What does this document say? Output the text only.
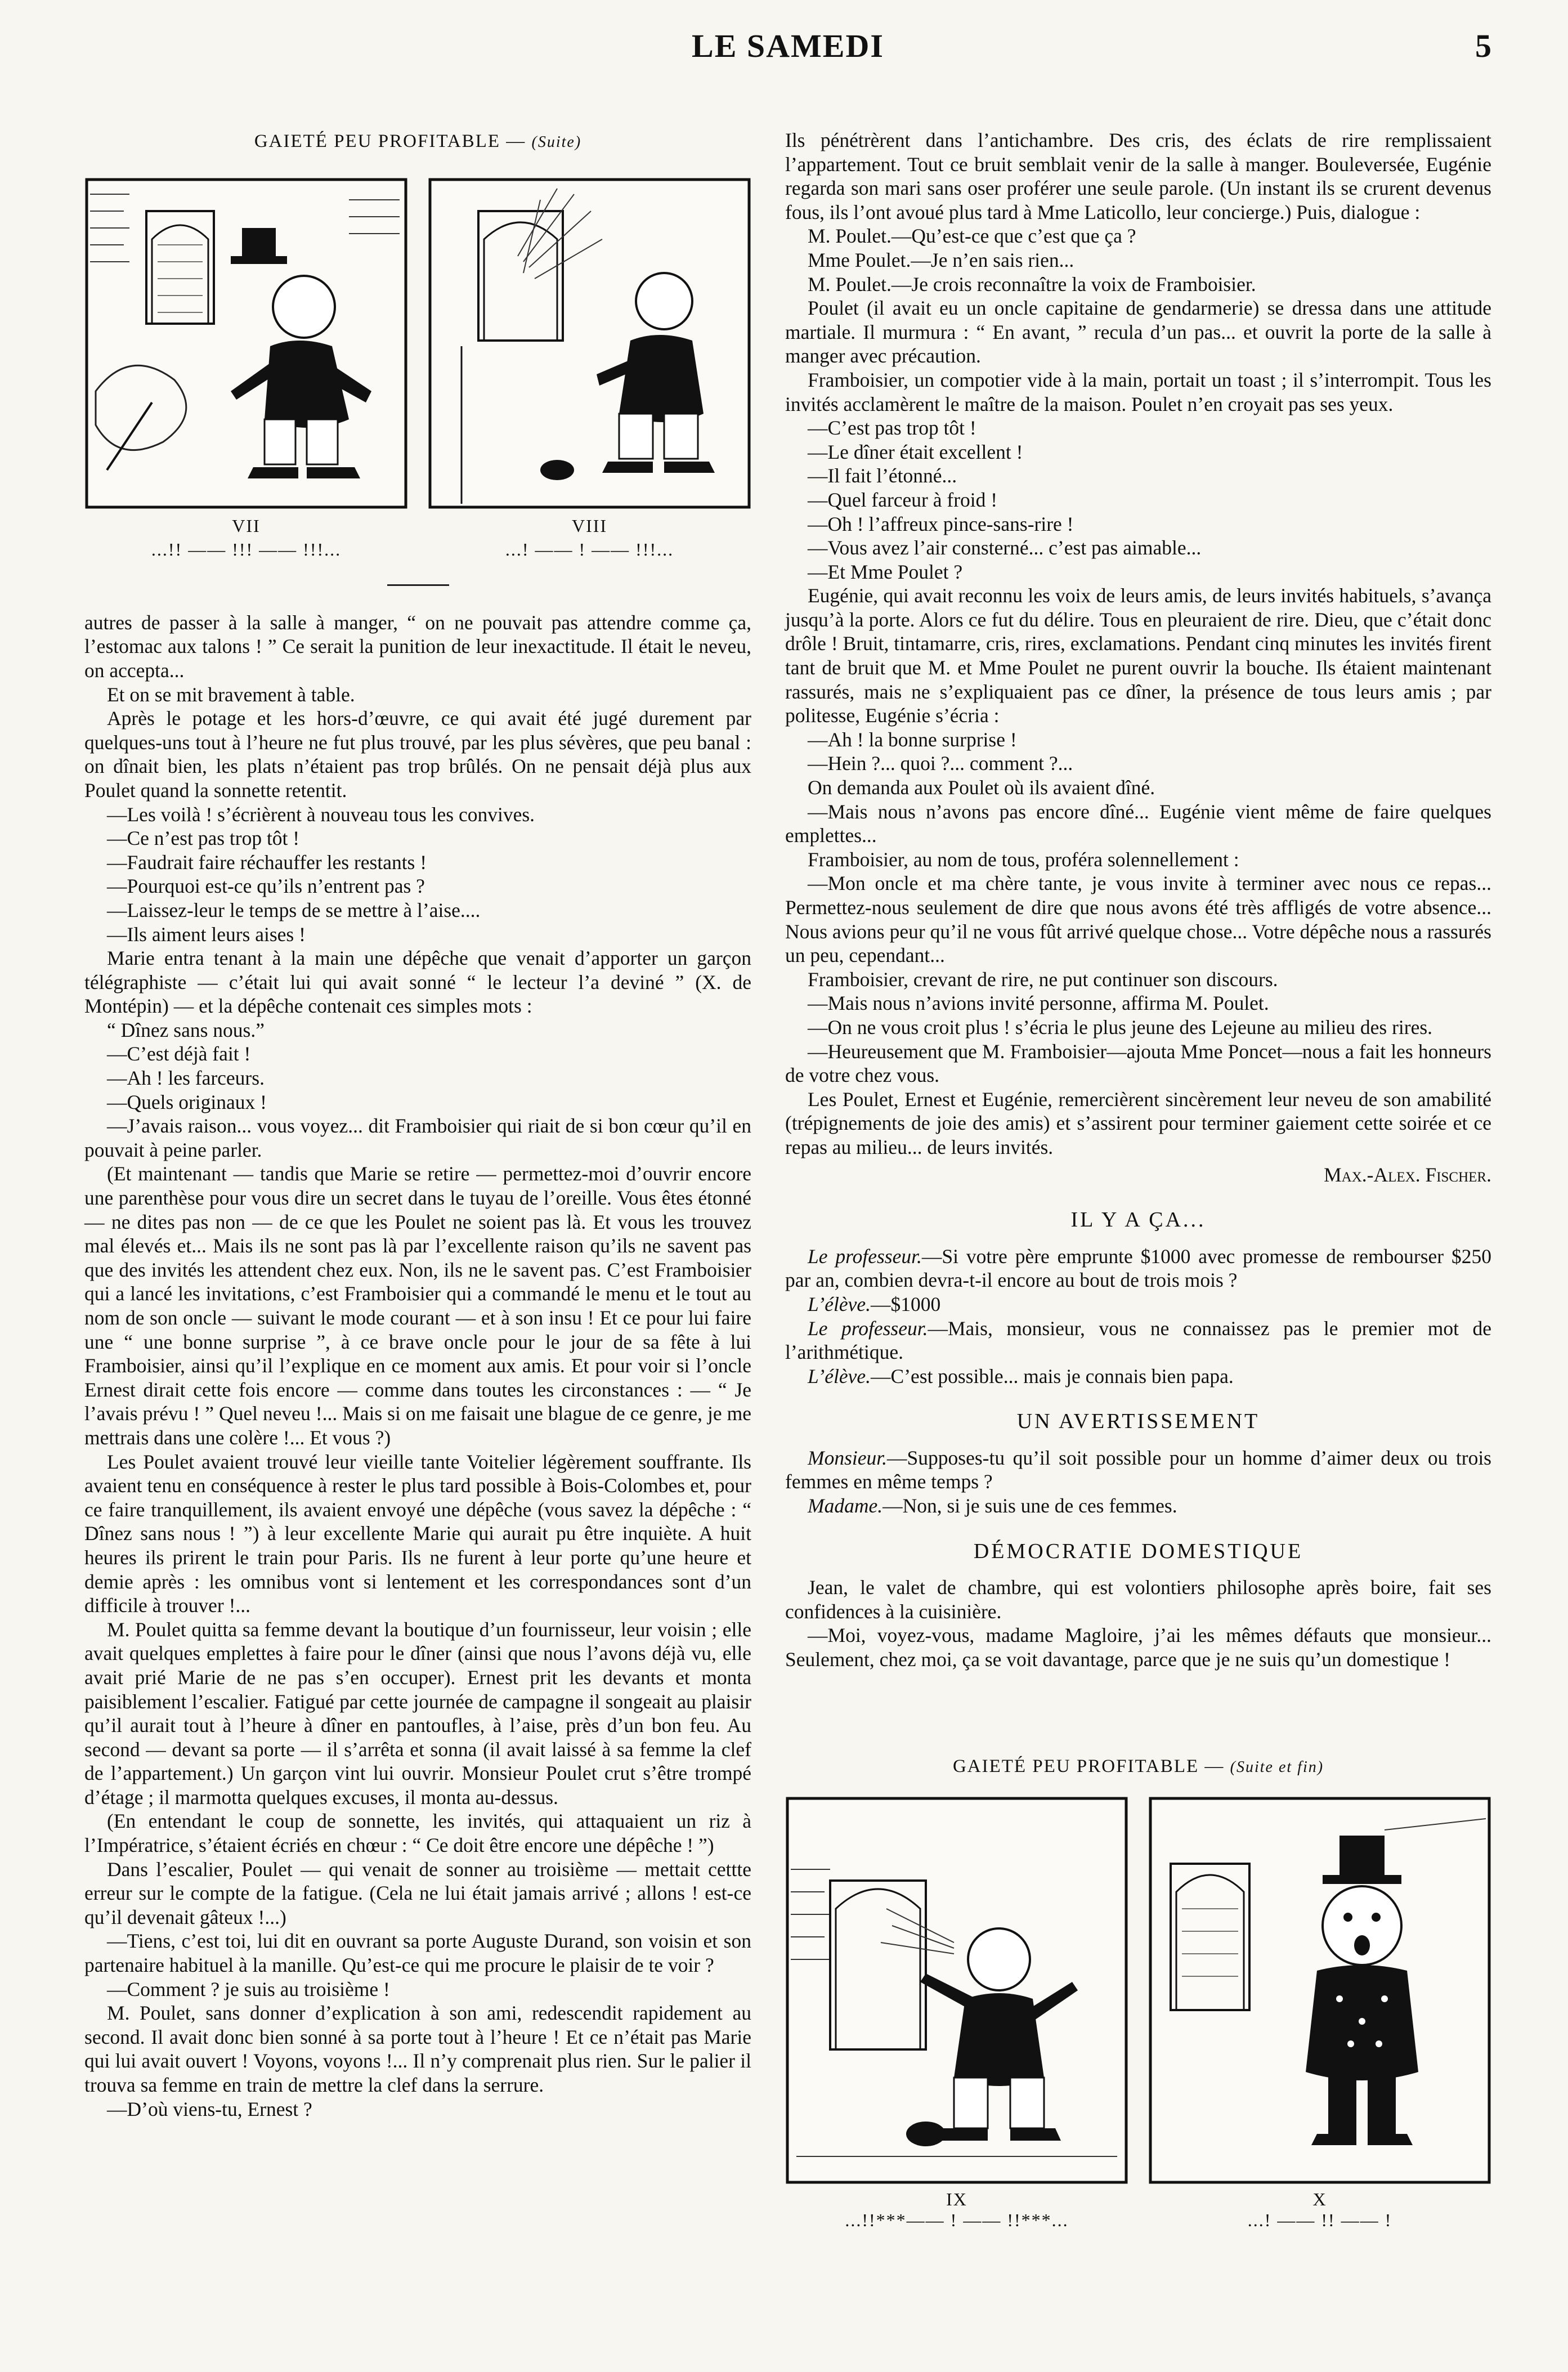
LE SAMEDI	5
GAIETÉ PEU PROFITABLE — (Suite)
VII
...!! —— !!! —— !!!...
VIII
...! —— ! —— !!!...

autres de passer à la salle à manger, “ on ne pouvait pas attendre comme ça, l’estomac aux talons ! ” Ce serait la punition de leur inexactitude. Il était le neveu, on accepta...

Et on se mit bravement à table.

Après le potage et les hors-d’œuvre, ce qui avait été jugé durement par quelques-uns tout à l’heure ne fut plus trouvé, par les plus sévères, que peu banal : on dînait bien, les plats n’étaient pas trop brûlés. On ne pensait déjà plus aux Poulet quand la sonnette retentit.

—Les voilà ! s’écrièrent à nouveau tous les convives.

—Ce n’est pas trop tôt !

—Faudrait faire réchauffer les restants !

—Pourquoi est-ce qu’ils n’entrent pas ?

—Laissez-leur le temps de se mettre à l’aise....

—Ils aiment leurs aises !

Marie entra tenant à la main une dépêche que venait d’apporter un garçon télégraphiste — c’était lui qui avait sonné “ le lecteur l’a deviné ” (X. de Montépin) — et la dépêche contenait ces simples mots :

“ Dînez sans nous.”

—C’est déjà fait !

—Ah ! les farceurs.

—Quels originaux !

—J’avais raison... vous voyez... dit Framboisier qui riait de si bon cœur qu’il en pouvait à peine parler.

(Et maintenant — tandis que Marie se retire — permettez-moi d’ouvrir encore une parenthèse pour vous dire un secret dans le tuyau de l’oreille. Vous êtes étonné — ne dites pas non — de ce que les Poulet ne soient pas là. Et vous les trouvez mal élevés et... Mais ils ne sont pas là par l’excellente raison qu’ils ne savent pas que des invités les attendent chez eux. Non, ils ne le savent pas. C’est Framboisier qui a lancé les invitations, c’est Framboisier qui a commandé le menu et le tout au nom de son oncle — suivant le mode courant — et à son insu ! Et ce pour lui faire une “ une bonne surprise ”, à ce brave oncle pour le jour de sa fête à lui Framboisier, ainsi qu’il l’explique en ce moment aux amis. Et pour voir si l’oncle Ernest dirait cette fois encore — comme dans toutes les circonstances : — “ Je l’avais prévu ! ” Quel neveu !... Mais si on me faisait une blague de ce genre, je me mettrais dans une colère !... Et vous ?)

Les Poulet avaient trouvé leur vieille tante Voitelier légèrement souffrante. Ils avaient tenu en conséquence à rester le plus tard possible à Bois-Colombes et, pour ce faire tranquillement, ils avaient envoyé une dépêche (vous savez la dépêche : “ Dînez sans nous ! ”) à leur excellente Marie qui aurait pu être inquiète. A huit heures ils prirent le train pour Paris. Ils ne furent à leur porte qu’une heure et demie après : les omnibus vont si lentement et les correspondances sont d’un difficile à trouver !...

M. Poulet quitta sa femme devant la boutique d’un fournisseur, leur voisin ; elle avait quelques emplettes à faire pour le dîner (ainsi que nous l’avons déjà vu, elle avait prié Marie de ne pas s’en occuper). Ernest prit les devants et monta paisiblement l’escalier. Fatigué par cette journée de campagne il songeait au plaisir qu’il aurait tout à l’heure à dîner en pantoufles, à l’aise, près d’un bon feu. Au second — devant sa porte — il s’arrêta et sonna (il avait laissé à sa femme la clef de l’appartement.) Un garçon vint lui ouvrir. Monsieur Poulet crut s’être trompé d’étage ; il marmotta quelques excuses, il monta au-dessus.

(En entendant le coup de sonnette, les invités, qui attaquaient un riz à l’Impératrice, s’étaient écriés en chœur : “ Ce doit être encore une dépêche ! ”)

Dans l’escalier, Poulet — qui venait de sonner au troisième — mettait cettte erreur sur le compte de la fatigue. (Cela ne lui était jamais arrivé ; allons ! est-ce qu’il devenait gâteux !...)

—Tiens, c’est toi, lui dit en ouvrant sa porte Auguste Durand, son voisin et son partenaire habituel à la manille. Qu’est-ce qui me procure le plaisir de te voir ?

—Comment ? je suis au troisième !

M. Poulet, sans donner d’explication à son ami, redescendit rapidement au second. Il avait donc bien sonné à sa porte tout à l’heure ! Et ce n’était pas Marie qui lui avait ouvert ! Voyons, voyons !... Il n’y comprenait plus rien. Sur le palier il trouva sa femme en train de mettre la clef dans la serrure.

—D’où viens-tu, Ernest ?

Ils pénétrèrent dans l’antichambre. Des cris, des éclats de rire remplissaient l’appartement. Tout ce bruit semblait venir de la salle à manger. Bouleversée, Eugénie regarda son mari sans oser proférer une seule parole. (Un instant ils se crurent devenus fous, ils l’ont avoué plus tard à Mme Laticollo, leur concierge.) Puis, dialogue :

M. Poulet.—Qu’est-ce que c’est que ça ?

Mme Poulet.—Je n’en sais rien...

M. Poulet.—Je crois reconnaître la voix de Framboisier.

Poulet (il avait eu un oncle capitaine de gendarmerie) se dressa dans une attitude martiale. Il murmura : “ En avant, ” recula d’un pas... et ouvrit la porte de la salle à manger avec précaution.

Framboisier, un compotier vide à la main, portait un toast ; il s’interrompit. Tous les invités acclamèrent le maître de la maison. Poulet n’en croyait pas ses yeux.

—C’est pas trop tôt !

—Le dîner était excellent !

—Il fait l’étonné...

—Quel farceur à froid !

—Oh ! l’affreux pince-sans-rire !

—Vous avez l’air consterné... c’est pas aimable...

—Et Mme Poulet ?

Eugénie, qui avait reconnu les voix de leurs amis, de leurs invités habituels, s’avança jusqu’à la porte. Alors ce fut du délire. Tous en pleuraient de rire. Dieu, que c’était donc drôle ! Bruit, tintamarre, cris, rires, exclamations. Pendant cinq minutes les invités firent tant de bruit que M. et Mme Poulet ne purent ouvrir la bouche. Ils étaient maintenant rassurés, mais ne s’expliquaient pas ce dîner, la présence de tous leurs amis ; par politesse, Eugénie s’écria :

—Ah ! la bonne surprise !

—Hein ?... quoi ?... comment ?...

On demanda aux Poulet où ils avaient dîné.

—Mais nous n’avons pas encore dîné... Eugénie vient même de faire quelques emplettes...

Framboisier, au nom de tous, proféra solennellement :

—Mon oncle et ma chère tante, je vous invite à terminer avec nous ce repas... Permettez-nous seulement de dire que nous avons été très affligés de votre absence... Nous avions peur qu’il ne vous fût arrivé quelque chose... Votre dépêche nous a rassurés un peu, cependant...

Framboisier, crevant de rire, ne put continuer son discours.

—Mais nous n’avions invité personne, affirma M. Poulet.

—On ne vous croit plus ! s’écria le plus jeune des Lejeune au milieu des rires.

—Heureusement que M. Framboisier—ajouta Mme Poncet—nous a fait les honneurs de votre chez vous.

Les Poulet, Ernest et Eugénie, remercièrent sincèrement leur neveu de son amabilité (trépignements de joie des amis) et s’assirent pour terminer gaiement cette soirée et ce repas au milieu... de leurs invités.

Max.-Alex. Fischer.

IL Y A ÇA...

Le professeur.—Si votre père emprunte $1000 avec promesse de rembourser $250 par an, combien devra-t-il encore au bout de trois mois ?

L’élève.—$1000

Le professeur.—Mais, monsieur, vous ne connaissez pas le premier mot de l’arithmétique.

L’élève.—C’est possible... mais je connais bien papa.

UN AVERTISSEMENT

Monsieur.—Supposes-tu qu’il soit possible pour un homme d’aimer deux ou trois femmes en même temps ?

Madame.—Non, si je suis une de ces femmes.

DÉMOCRATIE DOMESTIQUE

Jean, le valet de chambre, qui est volontiers philosophe après boire, fait ses confidences à la cuisinière.

—Moi, voyez-vous, madame Magloire, j’ai les mêmes défauts que monsieur... Seulement, chez moi, ça se voit davantage, parce que je ne suis qu’un domestique !

GAIETÉ PEU PROFITABLE — (Suite et fin)
IX
...!!***—— ! —— !!***...
X
...! —— !! —— !
